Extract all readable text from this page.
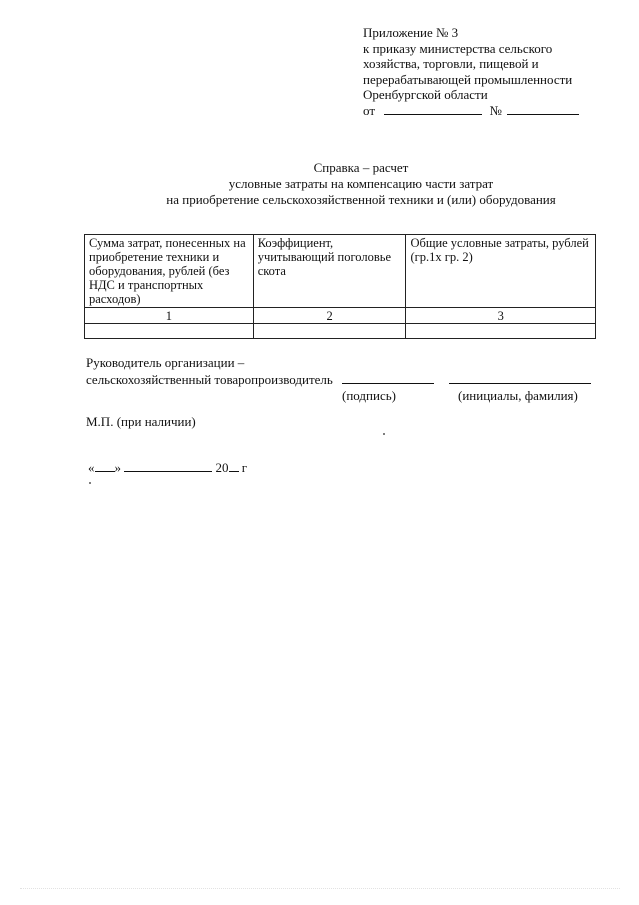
Приложение № 3
к приказу министерства сельского
хозяйства, торговли, пищевой и
перерабатывающей промышленности
Оренбургской области
от	№
Справка – расчет
условные затраты на компенсацию части затрат
на приобретение сельскохозяйственной техники и (или) оборудования
Сумма затрат, понесенных на приобретение техники и оборудования, рублей (без НДС и транспортных расходов)	Коэффициент, учитывающий поголовье скота	Общие условные затраты, рублей (гр.1х гр. 2)
1	2	3

Руководитель организации –
сельскохозяйственный товаропроизводитель
(подпись)	(инициалы, фамилия)
М.П. (при наличии)
« »	20 г
